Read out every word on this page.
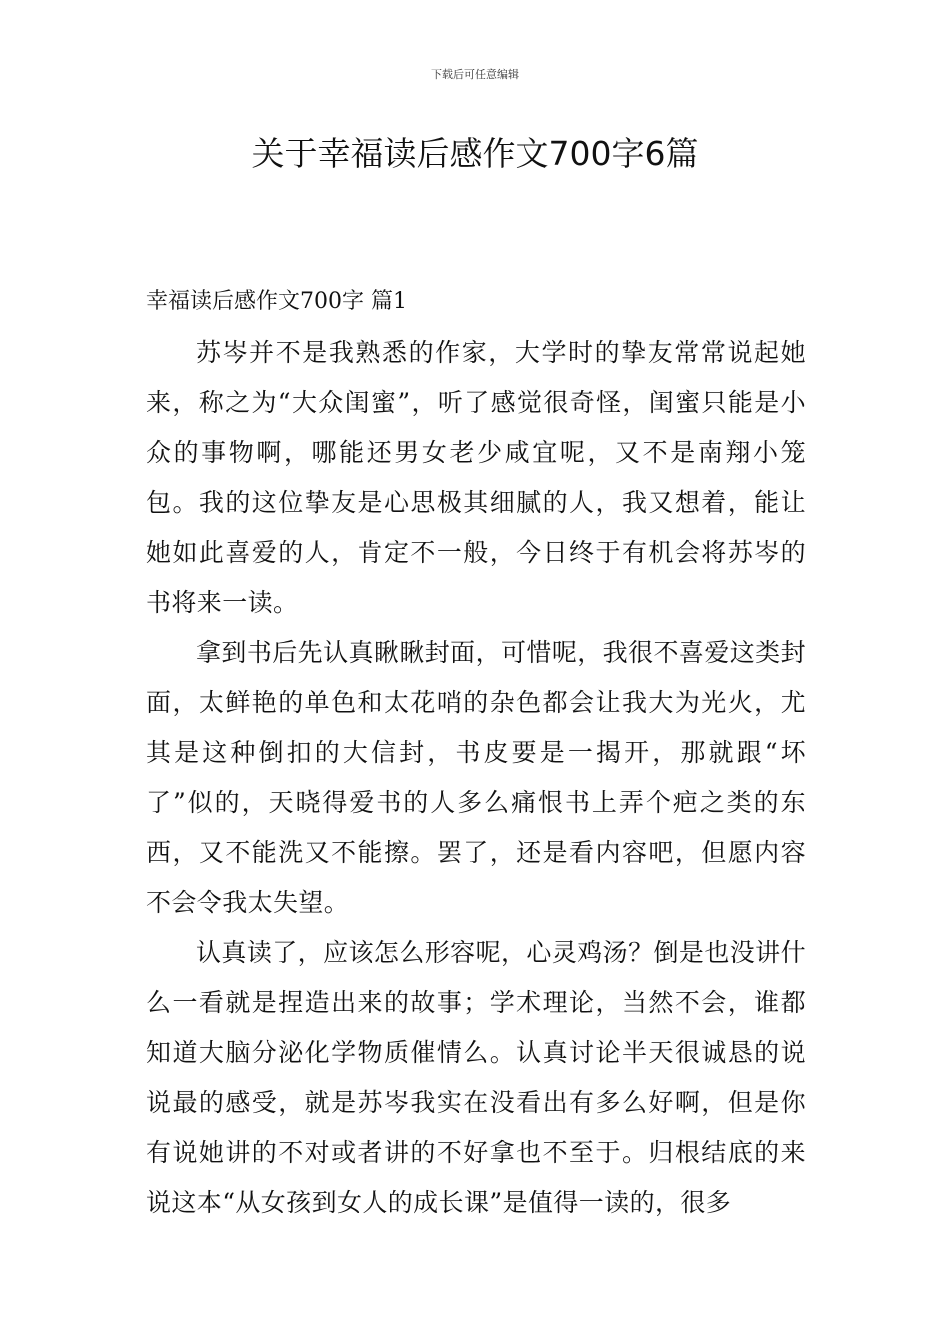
下载后可任意编辑
关于幸福读后感作文700字6篇
幸福读后感作文700字 篇1

苏岑并不是我熟悉的作家，大学时的挚友常常说起她来，称之为“大众闺蜜”，听了感觉很奇怪，闺蜜只能是小众的事物啊，哪能还男女老少咸宜呢，又不是南翔小笼包。我的这位挚友是心思极其细腻的人，我又想着，能让她如此喜爱的人，肯定不一般，今日终于有机会将苏岑的书将来一读。

拿到书后先认真瞅瞅封面，可惜呢，我很不喜爱这类封面，太鲜艳的单色和太花哨的杂色都会让我大为光火，尤其是这种倒扣的大信封，书皮要是一揭开，那就跟“坏了”似的，天晓得爱书的人多么痛恨书上弄个疤之类的东西，又不能洗又不能擦。罢了，还是看内容吧，但愿内容不会令我太失望。

认真读了，应该怎么形容呢，心灵鸡汤？倒是也没讲什么一看就是捏造出来的故事；学术理论，当然不会，谁都知道大脑分泌化学物质催情么。认真讨论半天很诚恳的说说最的感受，就是苏岑我实在没看出有多么好啊，但是你有说她讲的不对或者讲的不好拿也不至于。归根结底的来说这本“从女孩到女人的成长课”是值得一读的，很多
